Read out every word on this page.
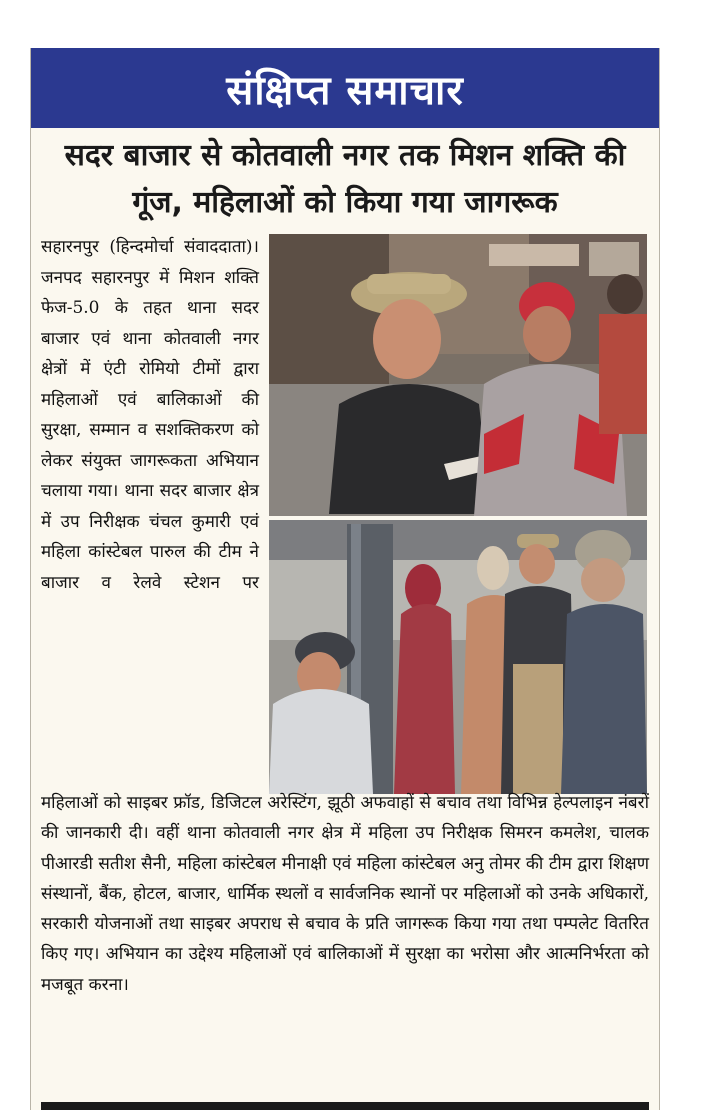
संक्षिप्त समाचार
सदर बाजार से कोतवाली नगर तक मिशन शक्ति की
गूंज, महिलाओं को किया गया जागरूक

सहारनपुर (हिन्दमोर्चा संवाददाता)। जनपद सहारनपुर में मिशन शक्ति फेज-5.0 के तहत थाना सदर बाजार एवं थाना कोतवाली नगर क्षेत्रों में एंटी रोमियो टीमों द्वारा महिलाओं एवं बालिकाओं की सुरक्षा, सम्मान व सशक्तिकरण को लेकर संयुक्त जागरूकता अभियान चलाया गया। थाना सदर बाजार क्षेत्र में उप निरीक्षक चंचल कुमारी एवं महिला कांस्टेबल पारुल की टीम ने बाजार व रेलवे स्टेशन पर

महिलाओं को साइबर फ्रॉड, डिजिटल अरेस्टिंग, झूठी अफवाहों से बचाव तथा विभिन्न हेल्पलाइन नंबरों की जानकारी दी। वहीं थाना कोतवाली नगर क्षेत्र में महिला उप निरीक्षक सिमरन कमलेश, चालक पीआरडी सतीश सैनी, महिला कांस्टेबल मीनाक्षी एवं महिला कांस्टेबल अनु तोमर की टीम द्वारा शिक्षण संस्थानों, बैंक, होटल, बाजार, धार्मिक स्थलों व सार्वजनिक स्थानों पर महिलाओं को उनके अधिकारों, सरकारी योजनाओं तथा साइबर अपराध से बचाव के प्रति जागरूक किया गया तथा पम्पलेट वितरित किए गए। अभियान का उद्देश्य महिलाओं एवं बालिकाओं में सुरक्षा का भरोसा और आत्मनिर्भरता को मजबूत करना।
